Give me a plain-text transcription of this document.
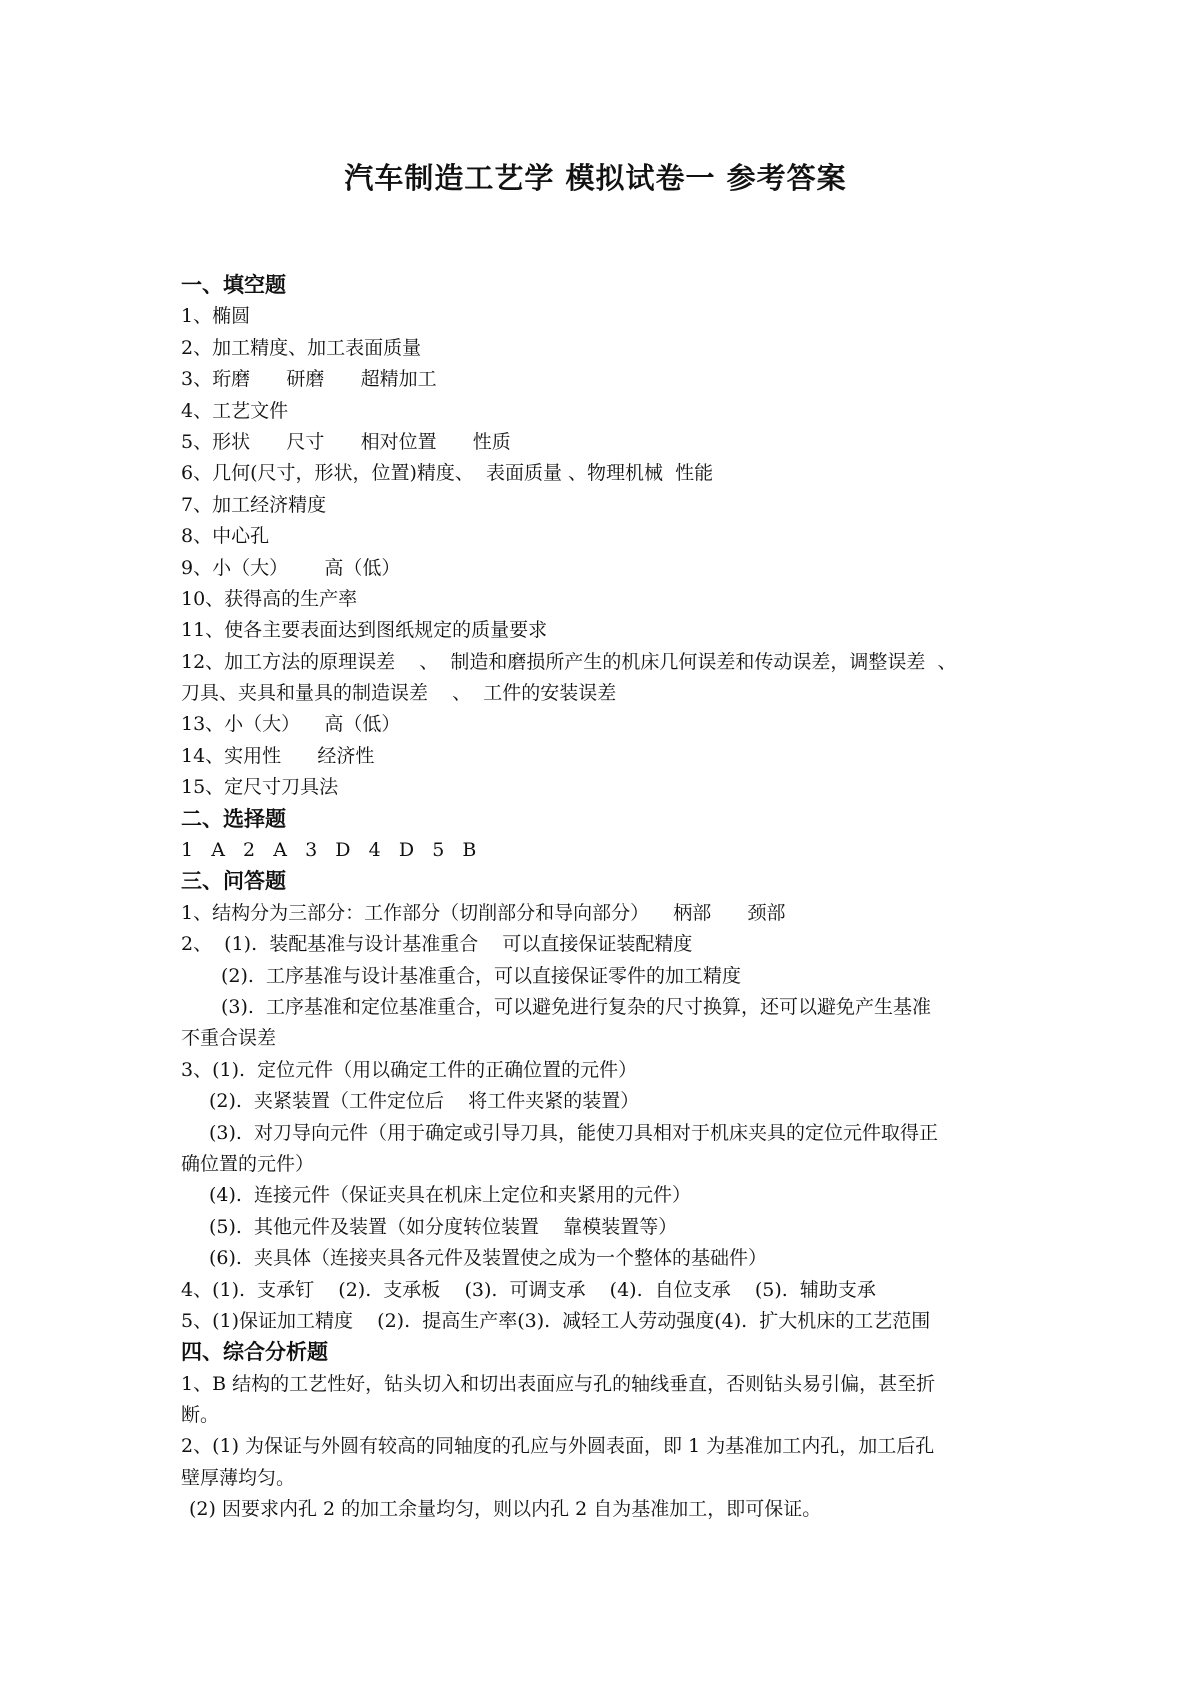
汽车制造工艺学 模拟试卷一 参考答案
一、填空题
1、椭圆
2、加工精度、加工表面质量
3、珩磨      研磨      超精加工
4、工艺文件
5、形状      尺寸      相对位置      性质
6、几何(尺寸，形状，位置)精度、  表面质量 、物理机械  性能
7、加工经济精度
8、中心孔
9、小（大）      高（低）
10、获得高的生产率
11、使各主要表面达到图纸规定的质量要求
12、加工方法的原理误差    、  制造和磨损所产生的机床几何误差和传动误差，调整误差  、
刀具、夹具和量具的制造误差    、  工件的安装误差
13、小（大）    高（低）
14、实用性      经济性
15、定尺寸刀具法
二、选择题
1   A   2   A   3   D   4   D   5   B
三、问答题
1、结构分为三部分：工作部分（切削部分和导向部分）    柄部      颈部
2、  (1).  装配基准与设计基准重合    可以直接保证装配精度
(2).  工序基准与设计基准重合，可以直接保证零件的加工精度
(3).  工序基准和定位基准重合，可以避免进行复杂的尺寸换算，还可以避免产生基准
不重合误差
3、(1).  定位元件（用以确定工件的正确位置的元件）
(2).  夹紧装置（工件定位后    将工件夹紧的装置）
(3).  对刀导向元件（用于确定或引导刀具，能使刀具相对于机床夹具的定位元件取得正
确位置的元件）
(4).  连接元件（保证夹具在机床上定位和夹紧用的元件）
(5).  其他元件及装置（如分度转位装置    靠模装置等）
(6).  夹具体（连接夹具各元件及装置使之成为一个整体的基础件）
4、(1).  支承钉    (2).  支承板    (3).  可调支承    (4).  自位支承    (5).  辅助支承
5、(1)保证加工精度    (2).  提高生产率(3).  减轻工人劳动强度(4).  扩大机床的工艺范围
四、综合分析题
1、B 结构的工艺性好，钻头切入和切出表面应与孔的轴线垂直，否则钻头易引偏，甚至折
断。
2、(1) 为保证与外圆有较高的同轴度的孔应与外圆表面，即 1 为基准加工内孔，加工后孔
壁厚薄均匀。
(2) 因要求内孔 2 的加工余量均匀，则以内孔 2 自为基准加工，即可保证。
